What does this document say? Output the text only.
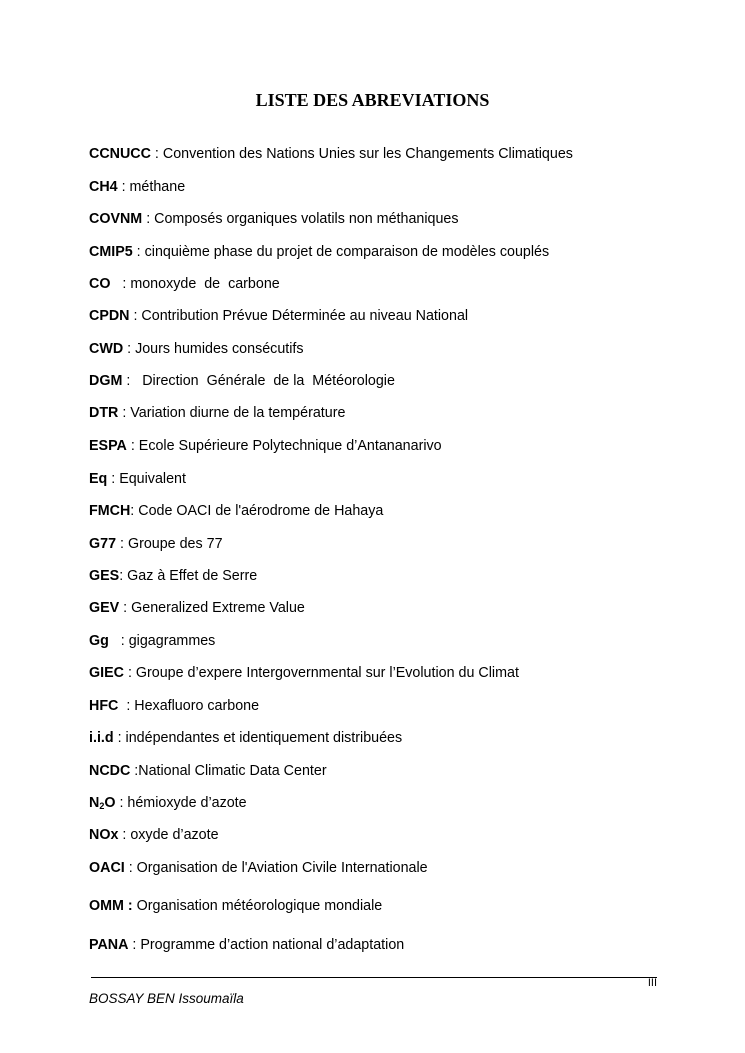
LISTE DES ABREVIATIONS
CCNUCC : Convention des Nations Unies sur les Changements Climatiques
CH4 : méthane
COVNM : Composés organiques volatils non méthaniques
CMIP5 : cinquième phase du projet de comparaison de modèles couplés
CO   : monoxyde  de  carbone
CPDN : Contribution Prévue Déterminée au niveau National
CWD : Jours humides consécutifs
DGM :   Direction  Générale  de la  Météorologie
DTR : Variation diurne de la température
ESPA : Ecole Supérieure Polytechnique d’Antananarivo
Eq : Equivalent
FMCH: Code OACI de l'aérodrome de Hahaya
G77 : Groupe des 77
GES: Gaz à Effet de Serre
GEV : Generalized Extreme Value
Gg   : gigagrammes
GIEC : Groupe d’expere Intergovernmental sur l’Evolution du Climat
HFC  : Hexafluoro carbone
i.i.d : indépendantes et identiquement distribuées
NCDC :National Climatic Data Center
$N_2O$ : hémioxyde d’azote
NOx : oxyde d’azote
OACI : Organisation de l'Aviation Civile Internationale
OMM : Organisation météorologique mondiale
PANA : Programme d’action national d’adaptation
III
BOSSAY BEN Issoumaïla
